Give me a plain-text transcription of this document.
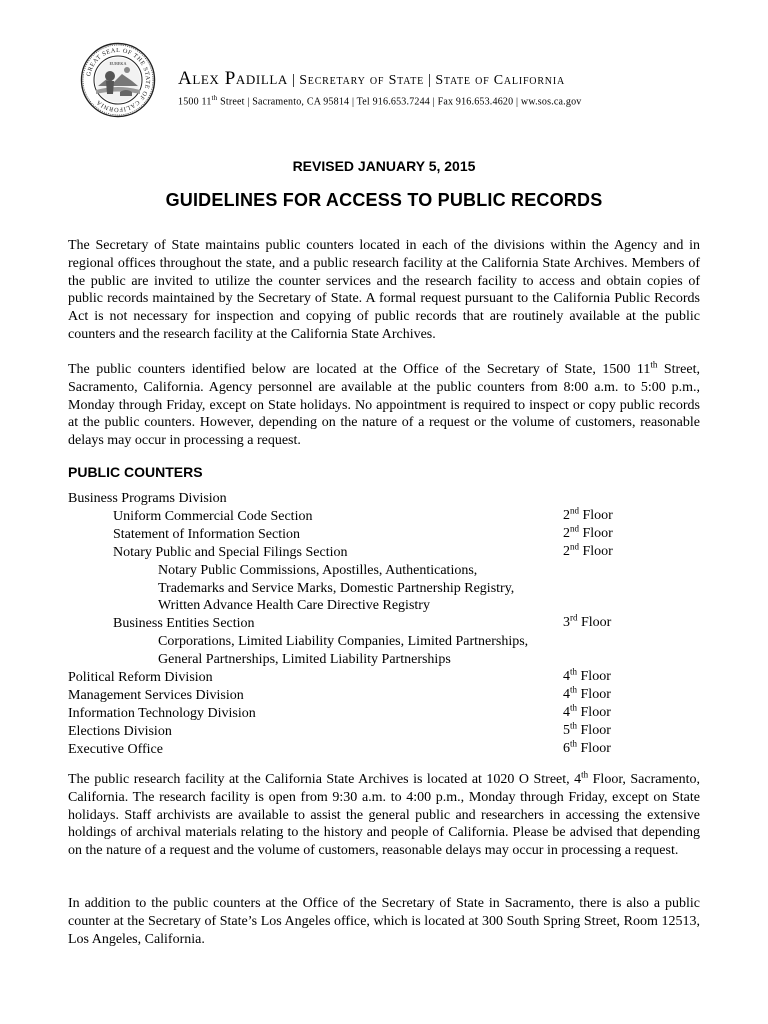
GREAT SEAL OF THE STATE OF CALIFORNIA
EUREKA
Alex Padilla | Secretary of State | State of California
1500 11th Street | Sacramento, CA 95814 | Tel 916.653.7244 | Fax 916.653.4620 | ww.sos.ca.gov
REVISED JANUARY 5, 2015
GUIDELINES FOR ACCESS TO PUBLIC RECORDS

The Secretary of State maintains public counters located in each of the divisions within the Agency and in regional offices throughout the state, and a public research facility at the California State Archives. Members of the public are invited to utilize the counter services and the research facility to access and obtain copies of public records maintained by the Secretary of State. A formal request pursuant to the California Public Records Act is not necessary for inspection and copying of public records that are routinely available at the public counters and the research facility at the California State Archives.

The public counters identified below are located at the Office of the Secretary of State, 1500 11th Street, Sacramento, California. Agency personnel are available at the public counters from 8:00 a.m. to 5:00 p.m., Monday through Friday, except on State holidays. No appointment is required to inspect or copy public records at the public counters. However, depending on the nature of a request or the volume of customers, reasonable delays may occur in processing a request.

PUBLIC COUNTERS
Business Programs Division
Uniform Commercial Code Section	2nd Floor
Statement of Information Section	2nd Floor
Notary Public and Special Filings Section	2nd Floor
Notary Public Commissions, Apostilles, Authentications,
Trademarks and Service Marks, Domestic Partnership Registry,
Written Advance Health Care Directive Registry
Business Entities Section	3rd Floor
Corporations, Limited Liability Companies, Limited Partnerships,
General Partnerships, Limited Liability Partnerships
Political Reform Division	4th Floor
Management Services Division	4th Floor
Information Technology Division	4th Floor
Elections Division	5th Floor
Executive Office	6th Floor

The public research facility at the California State Archives is located at 1020 O Street, 4th Floor, Sacramento, California. The research facility is open from 9:30 a.m. to 4:00 p.m., Monday through Friday, except on State holidays. Staff archivists are available to assist the general public and researchers in accessing the extensive holdings of archival materials relating to the history and people of California. Please be advised that depending on the nature of a request and the volume of customers, reasonable delays may occur in processing a request.

In addition to the public counters at the Office of the Secretary of State in Sacramento, there is also a public counter at the Secretary of State’s Los Angeles office, which is located at 300 South Spring Street, Room 12513, Los Angeles, California.
